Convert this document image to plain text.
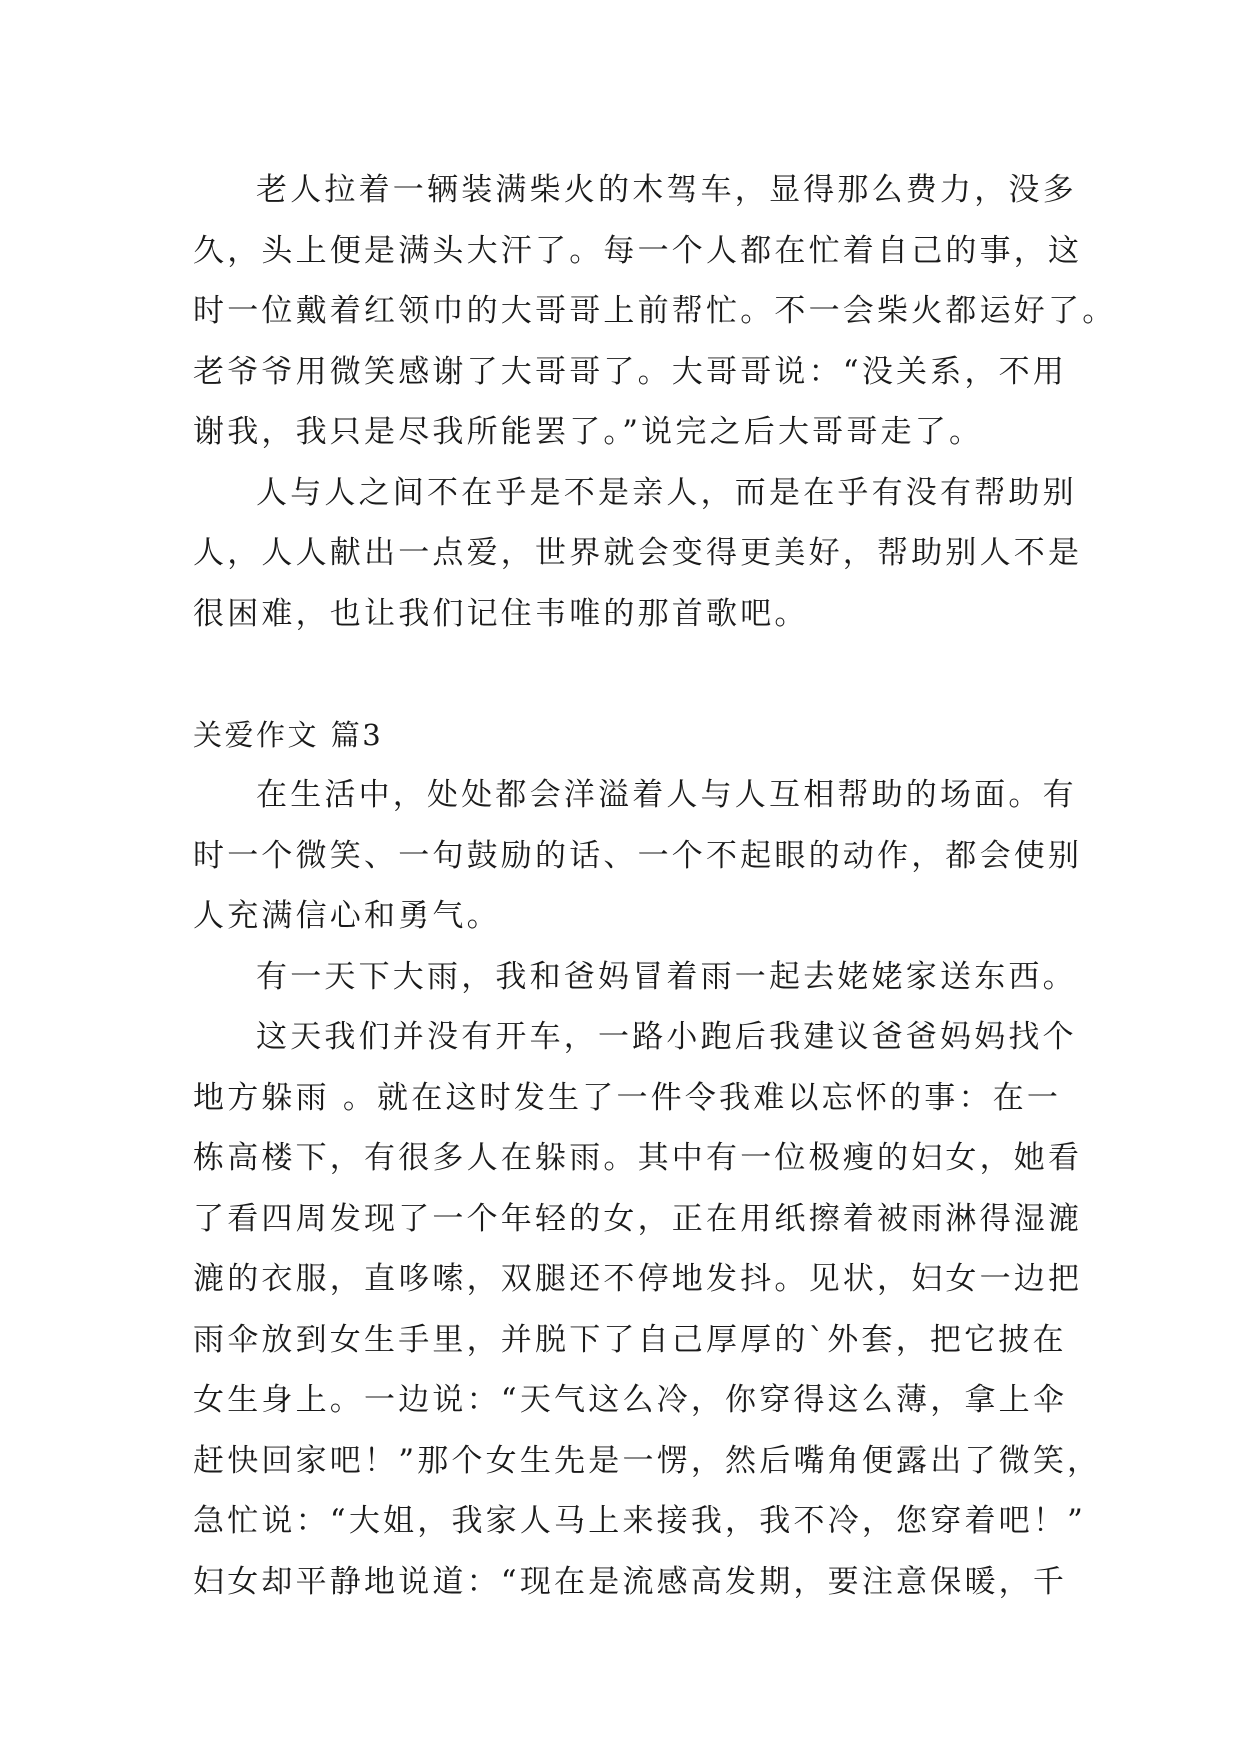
老人拉着一辆装满柴火的木驾车，显得那么费力，没多
久，头上便是满头大汗了。每一个人都在忙着自己的事，这
时一位戴着红领巾的大哥哥上前帮忙。不一会柴火都运好了。
老爷爷用微笑感谢了大哥哥了。大哥哥说：“没关系，不用
谢我，我只是尽我所能罢了。”说完之后大哥哥走了。
人与人之间不在乎是不是亲人，而是在乎有没有帮助别
人，人人献出一点爱，世界就会变得更美好，帮助别人不是
很困难，也让我们记住韦唯的那首歌吧。
关爱作文 篇3
在生活中，处处都会洋溢着人与人互相帮助的场面。有
时一个微笑、一句鼓励的话、一个不起眼的动作，都会使别
人充满信心和勇气。
有一天下大雨，我和爸妈冒着雨一起去姥姥家送东西。
这天我们并没有开车，一路小跑后我建议爸爸妈妈找个
地方躲雨 。就在这时发生了一件令我难以忘怀的事：在一
栋高楼下，有很多人在躲雨。其中有一位极瘦的妇女，她看
了看四周发现了一个年轻的女，正在用纸擦着被雨淋得湿漉
漉的衣服，直哆嗦，双腿还不停地发抖。见状，妇女一边把
雨伞放到女生手里，并脱下了自己厚厚的`外套，把它披在
女生身上。一边说：“天气这么冷，你穿得这么薄，拿上伞
赶快回家吧！”那个女生先是一愣，然后嘴角便露出了微笑，
急忙说：“大姐，我家人马上来接我，我不冷，您穿着吧！”
妇女却平静地说道：“现在是流感高发期，要注意保暖，千
